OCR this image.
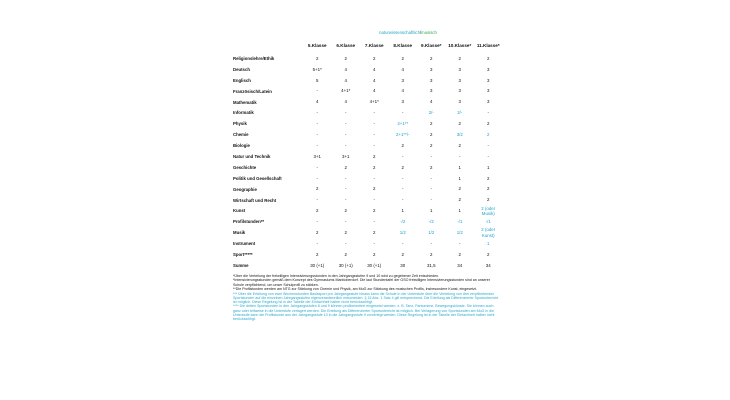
naturwissenschaftlich/musisch
	5.Klasse	6.Klasse	7.Klasse	8.Klasse	9.Klasse*	10.Klasse*	11.Klasse*
Religionslehre/Ethik	2	2	2	2	2	2	2
Deutsch	5+1*	4	4	4	3	3	3
Englisch	5	4	4	3	3	3	3
Französisch/Latein	-	4+1*	4	4	3	3	3
Mathematik	4	4	4+1*	3	4	3	3
Informatik	-	-	-	-	2/-	2/-	-
Physik	-	-	-	2+1**	2	2	2
Chemie	-	-	-	2+1**/-	2	3/2	2
Biologie	-	-	-	2	2	2	-
Natur und Technik	3+1	3+1	2	-	-	-	-
Geschichte	-	2	2	2	2	1	1
Politik und Gesellschaft	-	-	-	-	-	1	2
Geographie	2	-	2	-	-	2	2
Wirtschaft und Recht	-	-	-	-	-	2	2
Kunst	2	2	2	1	1	1	2 (oder Musik)
Profilstunden**	-	-	-	-/2	-/2	-/1	-/1
Musik	2	2	2	1/2	1/2	1/2	2 (oder Kunst)
Instrument	-	-	-	-	-	-	1
Sport*****	2	2	2	2	2	2	2
Summe	30 (+1)	30 (+1)	30 (+1)	30	31,5	34	34

*Über die Verteilung der freiwilligen Intensivierungsstunden in den Jahrgangsstufen 9 und 10 wird zu gegebener Zeit entschieden.

*Intensivierungsstunden gemäß dem Konzept des Gymnasiums Marktoberdorf. Die laut Stundentafel der GSO freiwilligen Intensivierungsstunden sind an unserer Schule verpflichtend, um unser Schulprofil zu stärken.

**Die Profilstunden werden am NTG zur Stärkung von Chemie und Physik, am MuG zur Stärkung des musischen Profils, insbesondere Kunst, eingesetzt.

*** Über die Erteilung von zwei Wochenstunden Basissport pro Jahrgangsstufe hinaus kann die Schule in der Unterstufe über die Verteilung von drei verpflichtenden Sportstunden auf die einzelnen Jahrgangsstufen eigenverantwortlich entscheiden. § 15 Abs. 1 Satz 4 gilt entsprechend. Die Erteilung als Differenzierter Sportunterricht ist möglich. Diese Regelung ist in der Tabelle der Einfachheit halber nicht berücksichtigt.

**** Die dritten Sportstunden in den Jahrgangsstufen 8 und 9 können profilorientiert eingesetzt werden, z. B. Tanz, Pantomime, Bewegungskünste. Sie können auch ganz oder teilweise in die Unterstufe verlagert werden. Die Erteilung als Differenzierter Sportunterricht ist möglich. Bei Verlagerung von Sportstunden am MuG in die Unterstufe kann die Profilstunde aus der Jahrgangsstufe 10 in die Jahrgangsstufe 9 vorverlegt werden. Diese Regelung ist in der Tabelle der Einfachheit halber nicht berücksichtigt.
